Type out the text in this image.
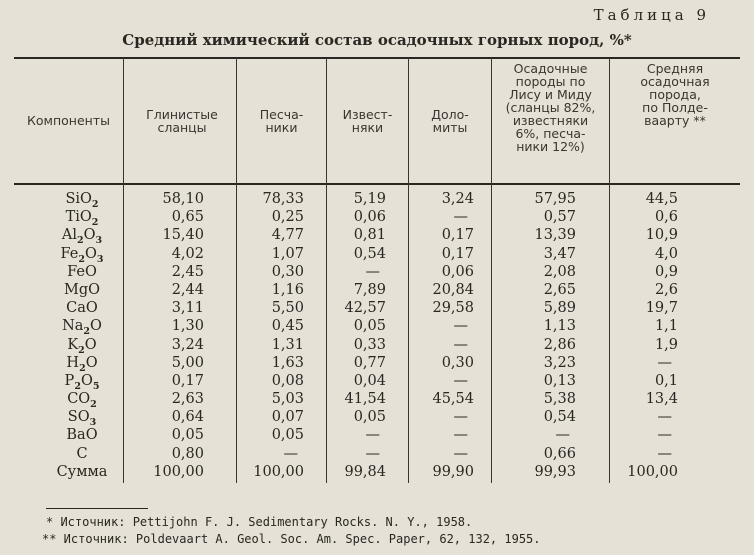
Таблица 9
Средний химический состав осадочных горных пород, %*
Компоненты	Глинистые сланцы
Песча-
ники
Извест-
няки
Доло-
миты
Осадочные
породы по
Лису и Миду
(сланцы 82%,
известняки
6%, песча-
ники 12%)
Средняя
осадочная
порода,
по Полде-
ваарту **
SiO$_2$
TiO$_2$
$Al_2O_3$
$Fe_2O_3$
FeO
MgO
CaO
$Na_2O$
$K_2O$
$H_2O$
$P_2O_5$
$CO_2$
$SO_3$
BaO
C
Сумма
58,10
0,65
15,40
4,02
2,45
2,44
3,11
1,30
3,24
5,00
0,17
2,63
0,64
0,05
0,80
100,00
78,33
0,25
4,77
1,07
0,30
1,16
5,50
0,45
1,31
1,63
0,08
5,03
0,07
0,05
—
100,00
5,19
0,06
0,81
0,54
—
7,89
42,57
0,05
0,33
0,77
0,04
41,54
0,05
—
—
99,84
3,24
—
0,17
0,17
0,06
20,84
29,58
—
—
0,30
—
45,54
—
—
—
99,90
57,95
0,57
13,39
3,47
2,08
2,65
5,89
1,13
2,86
3,23
0,13
5,38
0,54
—
0,66
99,93
44,5
0,6
10,9
4,0
0,9
2,6
19,7
1,1
1,9
—
0,1
13,4
—
—
—
100,00
* Источник: Pettijohn F. J. Sedimentary Rocks. N. Y., 1958.
** Источник: Poldevaart A. Geol. Soc. Am. Spec. Paper, 62, 132, 1955.
